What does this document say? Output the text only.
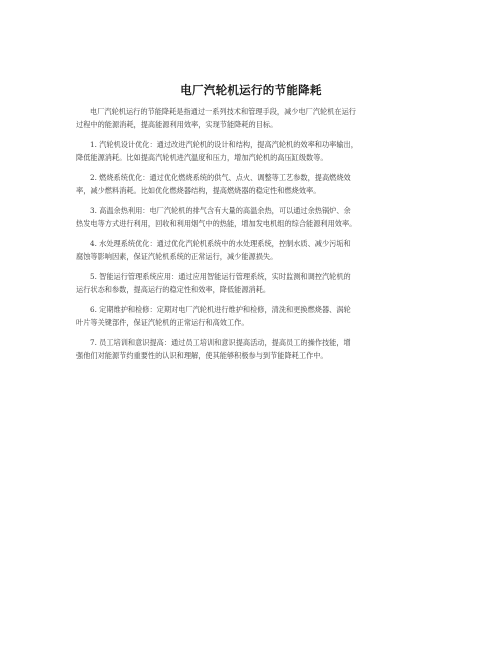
电厂汽轮机运行的节能降耗

电厂汽轮机运行的节能降耗是指通过一系列技术和管理手段，减少电厂汽轮机在运行
过程中的能源消耗，提高能源利用效率，实现节能降耗的目标。

1. 汽轮机设计优化：通过改进汽轮机的设计和结构，提高汽轮机的效率和功率输出，
降低能源消耗。比如提高汽轮机进汽温度和压力，增加汽轮机的高压缸级数等。

2. 燃烧系统优化：通过优化燃烧系统的供气、点火、调整等工艺参数，提高燃烧效
率，减少燃料消耗。比如优化燃烧器结构，提高燃烧器的稳定性和燃烧效率。

3. 高温余热利用：电厂汽轮机的排气含有大量的高温余热，可以通过余热锅炉、余
热发电等方式进行利用，回收和利用烟气中的热能，增加发电机组的综合能源利用效率。

4. 水处理系统优化：通过优化汽轮机系统中的水处理系统，控制水质、减少污垢和
腐蚀等影响因素，保证汽轮机系统的正常运行，减少能源损失。

5. 智能运行管理系统应用：通过应用智能运行管理系统，实时监测和调控汽轮机的
运行状态和参数，提高运行的稳定性和效率，降低能源消耗。

6. 定期维护和检修：定期对电厂汽轮机进行维护和检修，清洗和更换燃烧器、涡轮
叶片等关键部件，保证汽轮机的正常运行和高效工作。

7. 员工培训和意识提高：通过员工培训和意识提高活动，提高员工的操作技能，增
强他们对能源节约重要性的认识和理解，使其能够积极参与到节能降耗工作中。
